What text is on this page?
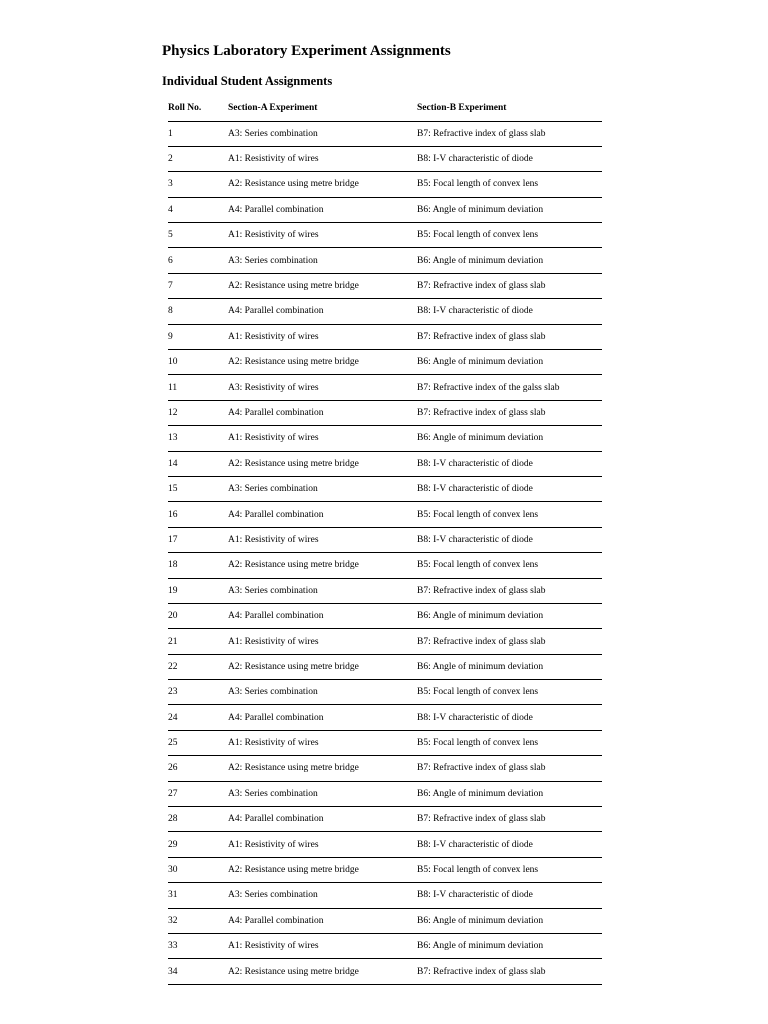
Physics Laboratory Experiment Assignments
Individual Student Assignments
Roll No.	Section-A Experiment	Section-B Experiment
1	A3: Series combination	B7: Refractive index of glass slab
2	A1: Resistivity of wires	B8: I-V characteristic of diode
3	A2: Resistance using metre bridge	B5: Focal length of convex lens
4	A4: Parallel combination	B6: Angle of minimum deviation
5	A1: Resistivity of wires	B5: Focal length of convex lens
6	A3: Series combination	B6: Angle of minimum deviation
7	A2: Resistance using metre bridge	B7: Refractive index of glass slab
8	A4: Parallel combination	B8: I-V characteristic of diode
9	A1: Resistivity of wires	B7: Refractive index of glass slab
10	A2: Resistance using metre bridge	B6: Angle of minimum deviation
11	A3: Resistivity of wires	B7: Refractive index of the galss slab
12	A4: Parallel combination	B7: Refractive index of glass slab
13	A1: Resistivity of wires	B6: Angle of minimum deviation
14	A2: Resistance using metre bridge	B8: I-V characteristic of diode
15	A3: Series combination	B8: I-V characteristic of diode
16	A4: Parallel combination	B5: Focal length of convex lens
17	A1: Resistivity of wires	B8: I-V characteristic of diode
18	A2: Resistance using metre bridge	B5: Focal length of convex lens
19	A3: Series combination	B7: Refractive index of glass slab
20	A4: Parallel combination	B6: Angle of minimum deviation
21	A1: Resistivity of wires	B7: Refractive index of glass slab
22	A2: Resistance using metre bridge	B6: Angle of minimum deviation
23	A3: Series combination	B5: Focal length of convex lens
24	A4: Parallel combination	B8: I-V characteristic of diode
25	A1: Resistivity of wires	B5: Focal length of convex lens
26	A2: Resistance using metre bridge	B7: Refractive index of glass slab
27	A3: Series combination	B6: Angle of minimum deviation
28	A4: Parallel combination	B7: Refractive index of glass slab
29	A1: Resistivity of wires	B8: I-V characteristic of diode
30	A2: Resistance using metre bridge	B5: Focal length of convex lens
31	A3: Series combination	B8: I-V characteristic of diode
32	A4: Parallel combination	B6: Angle of minimum deviation
33	A1: Resistivity of wires	B6: Angle of minimum deviation
34	A2: Resistance using metre bridge	B7: Refractive index of glass slab
